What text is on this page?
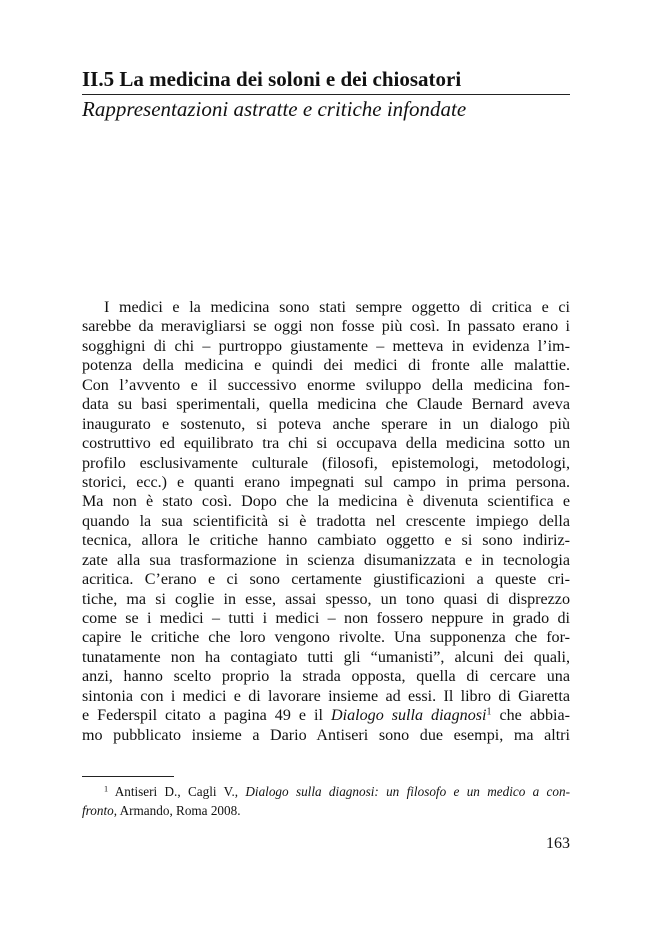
II.5 La medicina dei soloni e dei chiosatori
Rappresentazioni astratte e critiche infondate
I medici e la medicina sono stati sempre oggetto di critica e ci
sarebbe da meravigliarsi se oggi non fosse più così. In passato erano i
sogghigni di chi – purtroppo giustamente – metteva in evidenza l’im-
potenza della medicina e quindi dei medici di fronte alle malattie.
Con l’avvento e il successivo enorme sviluppo della medicina fon-
data su basi sperimentali, quella medicina che Claude Bernard aveva
inaugurato e sostenuto, si poteva anche sperare in un dialogo più
costruttivo ed equilibrato tra chi si occupava della medicina sotto un
profilo esclusivamente culturale (filosofi, epistemologi, metodologi,
storici, ecc.) e quanti erano impegnati sul campo in prima persona.
Ma non è stato così. Dopo che la medicina è divenuta scientifica e
quando la sua scientificità si è tradotta nel crescente impiego della
tecnica, allora le critiche hanno cambiato oggetto e si sono indiriz-
zate alla sua trasformazione in scienza disumanizzata e in tecnologia
acritica. C’erano e ci sono certamente giustificazioni a queste cri-
tiche, ma si coglie in esse, assai spesso, un tono quasi di disprezzo
come se i medici – tutti i medici – non fossero neppure in grado di
capire le critiche che loro vengono rivolte. Una supponenza che for-
tunatamente non ha contagiato tutti gli “umanisti”, alcuni dei quali,
anzi, hanno scelto proprio la strada opposta, quella di cercare una
sintonia con i medici e di lavorare insieme ad essi. Il libro di Giaretta
e Federspil citato a pagina 49 e il Dialogo sulla diagnosi$^1$ che abbia-
mo pubblicato insieme a Dario Antiseri sono due esempi, ma altri
$^1$ Antiseri D., Cagli V., Dialogo sulla diagnosi: un filosofo e un medico a con-
fronto, Armando, Roma 2008.
163
